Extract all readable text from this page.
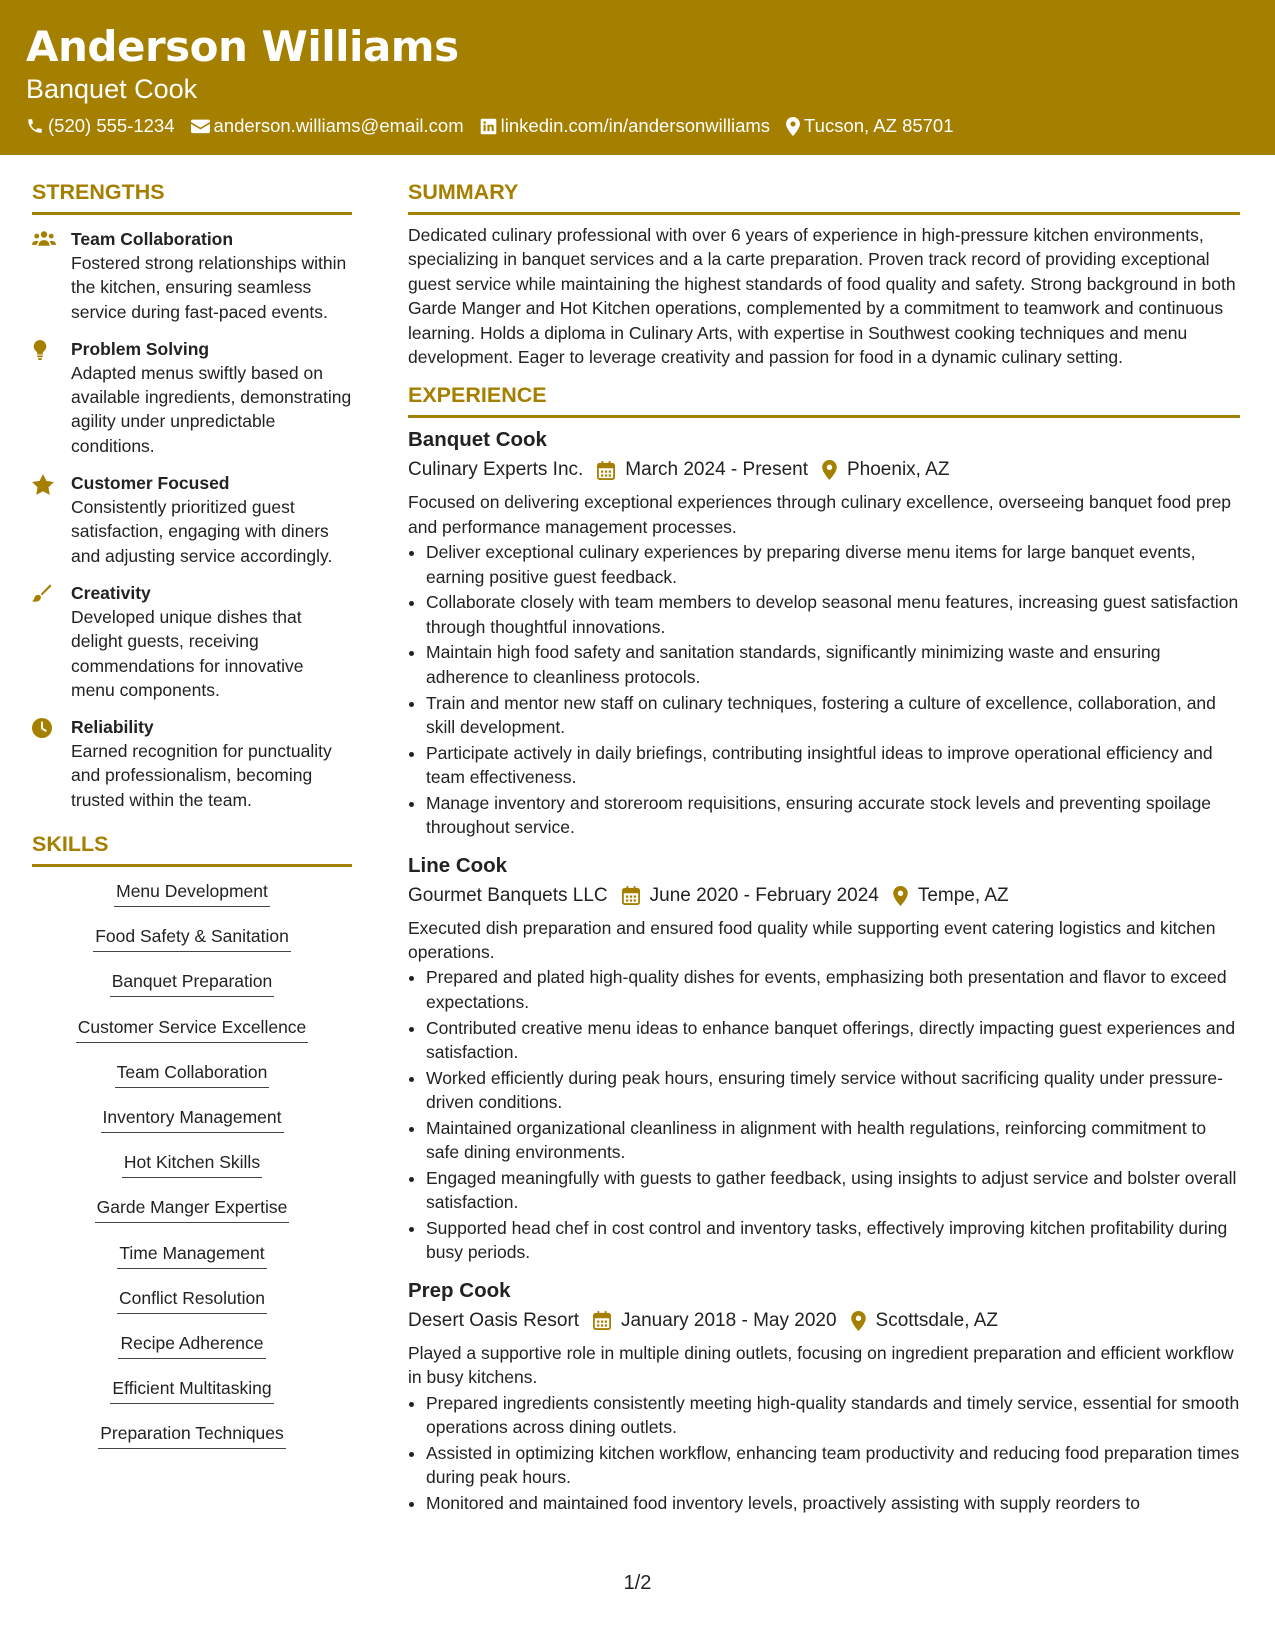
Anderson Williams
Banquet Cook
(520) 555-1234 anderson.williams@email.com linkedin.com/in/andersonwilliams Tucson, AZ 85701
STRENGTHS
Team Collaboration
Fostered strong relationships within the kitchen, ensuring seamless service during fast-paced events.
Problem Solving
Adapted menus swiftly based on available ingredients, demonstrating agility under unpredictable conditions.
Customer Focused
Consistently prioritized guest satisfaction, engaging with diners and adjusting service accordingly.
Creativity
Developed unique dishes that delight guests, receiving commendations for innovative menu components.
Reliability
Earned recognition for punctuality and professionalism, becoming trusted within the team.
SKILLS
Menu Development
Food Safety & Sanitation
Banquet Preparation
Customer Service Excellence
Team Collaboration
Inventory Management
Hot Kitchen Skills
Garde Manger Expertise
Time Management
Conflict Resolution
Recipe Adherence
Efficient Multitasking
Preparation Techniques
SUMMARY

Dedicated culinary professional with over 6 years of experience in high-pressure kitchen environments, specializing in banquet services and a la carte preparation. Proven track record of providing exceptional guest service while maintaining the highest standards of food quality and safety. Strong background in both Garde Manger and Hot Kitchen operations, complemented by a commitment to teamwork and continuous learning. Holds a diploma in Culinary Arts, with expertise in Southwest cooking techniques and menu development. Eager to leverage creativity and passion for food in a dynamic culinary setting.

EXPERIENCE
Banquet Cook
Culinary Experts Inc. March 2024 - Present Phoenix, AZ
Focused on delivering exceptional experiences through culinary excellence, overseeing banquet food prep and performance management processes.
• Deliver exceptional culinary experiences by preparing diverse menu items for large banquet events, earning positive guest feedback.
• Collaborate closely with team members to develop seasonal menu features, increasing guest satisfaction through thoughtful innovations.
• Maintain high food safety and sanitation standards, significantly minimizing waste and ensuring adherence to cleanliness protocols.
• Train and mentor new staff on culinary techniques, fostering a culture of excellence, collaboration, and skill development.
• Participate actively in daily briefings, contributing insightful ideas to improve operational efficiency and team effectiveness.
• Manage inventory and storeroom requisitions, ensuring accurate stock levels and preventing spoilage throughout service.
Line Cook
Gourmet Banquets LLC June 2020 - February 2024 Tempe, AZ
Executed dish preparation and ensured food quality while supporting event catering logistics and kitchen operations.
• Prepared and plated high-quality dishes for events, emphasizing both presentation and flavor to exceed expectations.
• Contributed creative menu ideas to enhance banquet offerings, directly impacting guest experiences and satisfaction.
• Worked efficiently during peak hours, ensuring timely service without sacrificing quality under pressure-driven conditions.
• Maintained organizational cleanliness in alignment with health regulations, reinforcing commitment to safe dining environments.
• Engaged meaningfully with guests to gather feedback, using insights to adjust service and bolster overall satisfaction.
• Supported head chef in cost control and inventory tasks, effectively improving kitchen profitability during busy periods.
Prep Cook
Desert Oasis Resort January 2018 - May 2020 Scottsdale, AZ
Played a supportive role in multiple dining outlets, focusing on ingredient preparation and efficient workflow in busy kitchens.
• Prepared ingredients consistently meeting high-quality standards and timely service, essential for smooth operations across dining outlets.
• Assisted in optimizing kitchen workflow, enhancing team productivity and reducing food preparation times during peak hours.
• Monitored and maintained food inventory levels, proactively assisting with supply reorders to
1/2
